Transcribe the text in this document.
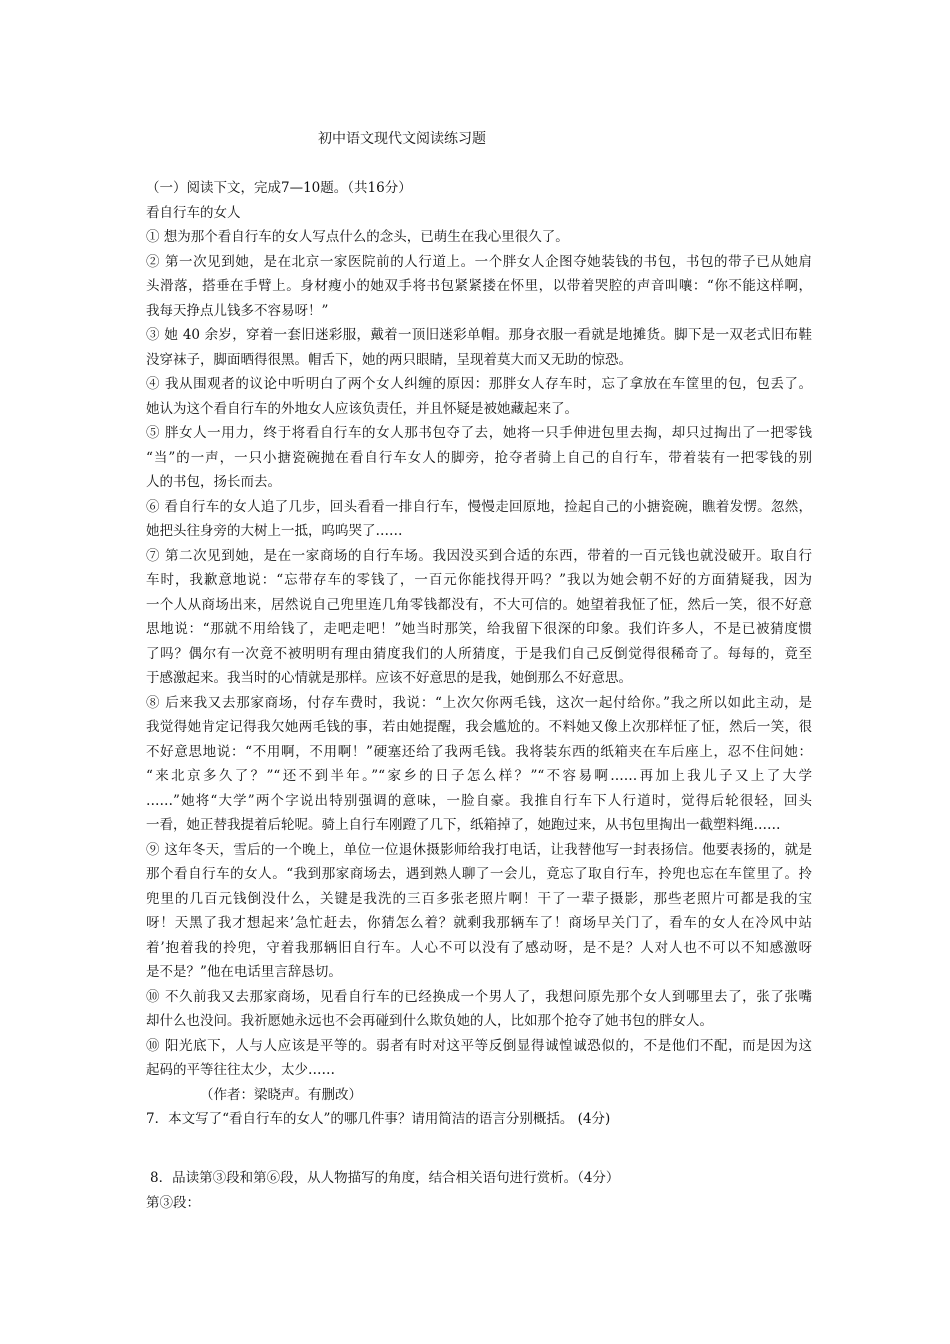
初中语文现代文阅读练习题
（一）阅读下文，完成7—10题。（共16分）
看自行车的女人
① 想为那个看自行车的女人写点什么的念头，已萌生在我心里很久了。
② 第一次见到她，是在北京一家医院前的人行道上。一个胖女人企图夺她装钱的书包，书包的带子已从她肩
头滑落，搭垂在手臂上。身材瘦小的她双手将书包紧紧搂在怀里，以带着哭腔的声音叫嚷：“你不能这样啊，
我每天挣点儿钱多不容易呀！”
③ 她 40 余岁，穿着一套旧迷彩服，戴着一顶旧迷彩单帽。那身衣服一看就是地摊货。脚下是一双老式旧布鞋
没穿袜子，脚面晒得很黑。帽舌下，她的两只眼睛，呈现着莫大而又无助的惊恐。
④ 我从围观者的议论中听明白了两个女人纠缠的原因：那胖女人存车时，忘了拿放在车筐里的包，包丢了。
她认为这个看自行车的外地女人应该负责任，并且怀疑是被她藏起来了。
⑤ 胖女人一用力，终于将看自行车的女人那书包夺了去，她将一只手伸进包里去掏，却只过掏出了一把零钱
“当”的一声，一只小搪瓷碗抛在看自行车女人的脚旁，抢夺者骑上自己的自行车，带着装有一把零钱的别
人的书包，扬长而去。
⑥ 看自行车的女人追了几步，回头看看一排自行车，慢慢走回原地，捡起自己的小搪瓷碗，瞧着发愣。忽然，
她把头往身旁的大树上一抵，呜呜哭了……
⑦ 第二次见到她，是在一家商场的自行车场。我因没买到合适的东西，带着的一百元钱也就没破开。取自行
车时，我歉意地说：“忘带存车的零钱了，一百元你能找得开吗？”我以为她会朝不好的方面猜疑我，因为
一个人从商场出来，居然说自己兜里连几角零钱都没有，不大可信的。她望着我怔了怔，然后一笑，很不好意
思地说：“那就不用给钱了，走吧走吧！”她当时那笑，给我留下很深的印象。我们许多人，不是已被猜度惯
了吗？偶尔有一次竟不被明明有理由猜度我们的人所猜度，于是我们自己反倒觉得很稀奇了。每每的，竟至
于感激起来。我当时的心情就是那样。应该不好意思的是我，她倒那么不好意思。
⑧ 后来我又去那家商场，付存车费时，我说：“上次欠你两毛钱，这次一起付给你。”我之所以如此主动，是
我觉得她肯定记得我欠她两毛钱的事，若由她提醒，我会尴尬的。不料她又像上次那样怔了怔，然后一笑，很
不好意思地说：“不用啊，不用啊！”硬塞还给了我两毛钱。我将装东西的纸箱夹在车后座上，忍不住问她：
“来北京多久了？”“还不到半年。”“家乡的日子怎么样？”“不容易啊……再加上我儿子又上了大学
……”她将“大学”两个字说出特别强调的意味，一脸自豪。我推自行车下人行道时，觉得后轮很轻，回头
一看，她正替我提着后轮呢。骑上自行车刚蹬了几下，纸箱掉了，她跑过来，从书包里掏出一截塑料绳……
⑨ 这年冬天，雪后的一个晚上，单位一位退休摄影师给我打电话，让我替他写一封表扬信。他要表扬的，就是
那个看自行车的女人。“我到那家商场去，遇到熟人聊了一会儿，竟忘了取自行车，拎兜也忘在车筐里了。拎
兜里的几百元钱倒没什么，关键是我洗的三百多张老照片啊！干了一辈子摄影，那些老照片可都是我的宝
呀！天黑了我才想起来’急忙赶去，你猜怎么着？就剩我那辆车了！商场早关门了，看车的女人在冷风中站
着’抱着我的拎兜，守着我那辆旧自行车。人心不可以没有了感动呀，是不是？人对人也不可以不知感激呀
是不是？”他在电话里言辞恳切。
⑩ 不久前我又去那家商场，见看自行车的已经换成一个男人了，我想问原先那个女人到哪里去了，张了张嘴
却什么也没问。我祈愿她永远也不会再碰到什么欺负她的人，比如那个抢夺了她书包的胖女人。
⑩ 阳光底下，人与人应该是平等的。弱者有时对这平等反倒显得诚惶诚恐似的，不是他们不配，而是因为这
起码的平等往往太少，太少……
（作者：梁晓声。有删改）
7．本文写了“看自行车的女人”的哪几件事？请用简洁的语言分别概括。 (4分)
8．品读第③段和第⑥段，从人物描写的角度，结合相关语句进行赏析。（4分）
第③段：
